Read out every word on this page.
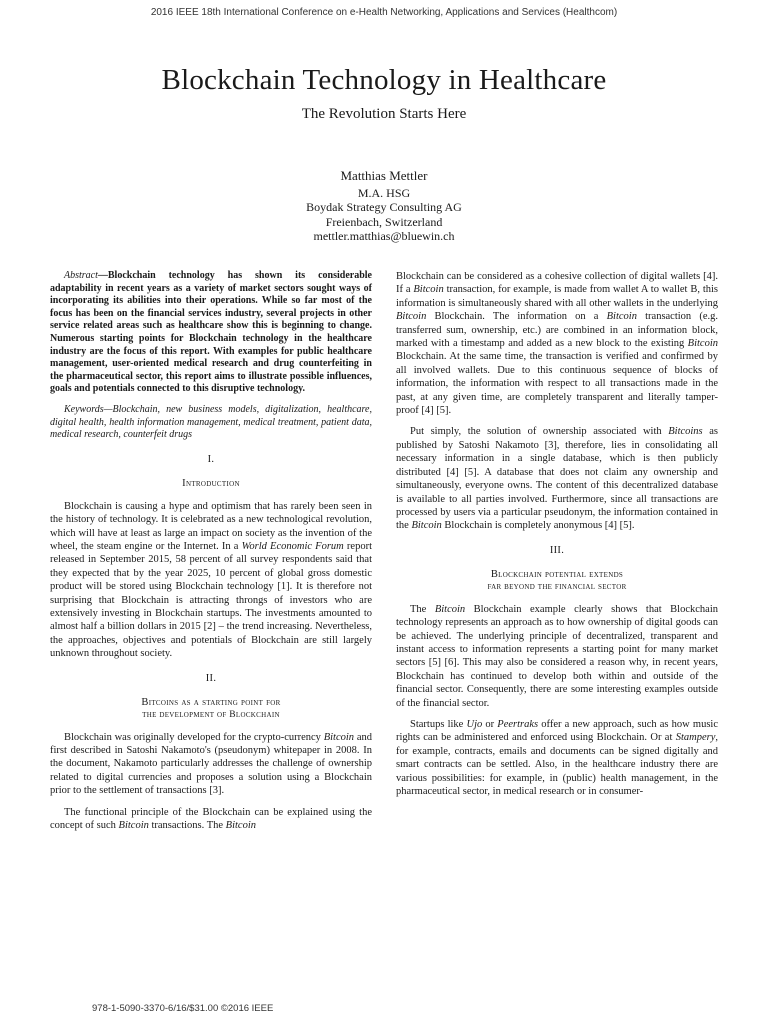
2016 IEEE 18th International Conference on e-Health Networking, Applications and Services (Healthcom)
Blockchain Technology in Healthcare
The Revolution Starts Here
Matthias Mettler
M.A. HSG
Boydak Strategy Consulting AG
Freienbach, Switzerland
mettler.matthias@bluewin.ch

Abstract—Blockchain technology has shown its considerable adaptability in recent years as a variety of market sectors sought ways of incorporating its abilities into their operations. While so far most of the focus has been on the financial services industry, several projects in other service related areas such as healthcare show this is beginning to change. Numerous starting points for Blockchain technology in the healthcare industry are the focus of this report. With examples for public healthcare management, user-oriented medical research and drug counterfeiting in the pharmaceutical sector, this report aims to illustrate possible influences, goals and potentials connected to this disruptive technology.

Keywords—Blockchain, new business models, digitalization, healthcare, digital health, health information management, medical treatment, patient data, medical research, counterfeit drugs

I.

Introduction

Blockchain is causing a hype and optimism that has rarely been seen in the history of technology. It is celebrated as a new technological revolution, which will have at least as large an impact on society as the invention of the wheel, the steam engine or the Internet. In a World Economic Forum report released in September 2015, 58 percent of all survey respondents said that they expected that by the year 2025, 10 percent of global gross domestic product will be stored using Blockchain technology [1]. It is therefore not surprising that Blockchain is attracting throngs of investors who are extensively investing in Blockchain startups. The investments amounted to almost half a billion dollars in 2015 [2] – the trend increasing. Nevertheless, the approaches, objectives and potentials of Blockchain are still largely unknown throughout society.

II.

Bitcoins as a starting point for
the development of Blockchain

Blockchain was originally developed for the crypto-currency Bitcoin and first described in Satoshi Nakamoto's (pseudonym) whitepaper in 2008. In the document, Nakamoto particularly addresses the challenge of ownership related to digital currencies and proposes a solution using a Blockchain prior to the settlement of transactions [3].

The functional principle of the Blockchain can be explained using the concept of such Bitcoin transactions. The Bitcoin

Blockchain can be considered as a cohesive collection of digital wallets [4]. If a Bitcoin transaction, for example, is made from wallet A to wallet B, this information is simultaneously shared with all other wallets in the underlying Bitcoin Blockchain. The information on a Bitcoin transaction (e.g. transferred sum, ownership, etc.) are combined in an information block, marked with a timestamp and added as a new block to the existing Bitcoin Blockchain. At the same time, the transaction is verified and confirmed by all involved wallets. Due to this continuous sequence of blocks of information, the information with respect to all transactions made in the past, at any given time, are completely transparent and literally tamper-proof [4] [5].

Put simply, the solution of ownership associated with Bitcoins as published by Satoshi Nakamoto [3], therefore, lies in consolidating all necessary information in a single database, which is then publicly distributed [4] [5]. A database that does not claim any ownership and simultaneously, everyone owns. The content of this decentralized database is available to all parties involved. Furthermore, since all transactions are processed by users via a particular pseudonym, the information contained in the Bitcoin Blockchain is completely anonymous [4] [5].

III.

Blockchain potential extends
far beyond the financial sector

The Bitcoin Blockchain example clearly shows that Blockchain technology represents an approach as to how ownership of digital goods can be achieved. The underlying principle of decentralized, transparent and instant access to information represents a starting point for many market sectors [5] [6]. This may also be considered a reason why, in recent years, Blockchain has continued to develop both within and outside of the financial sector. Consequently, there are some interesting examples outside of the financial sector.

Startups like Ujo or Peertraks offer a new approach, such as how music rights can be administered and enforced using Blockchain. Or at Stampery, for example, contracts, emails and documents can be signed digitally and smart contracts can be settled. Also, in the healthcare industry there are various possibilities: for example, in (public) health management, in the pharmaceutical sector, in medical research or in consumer-

978-1-5090-3370-6/16/$31.00 ©2016 IEEE
